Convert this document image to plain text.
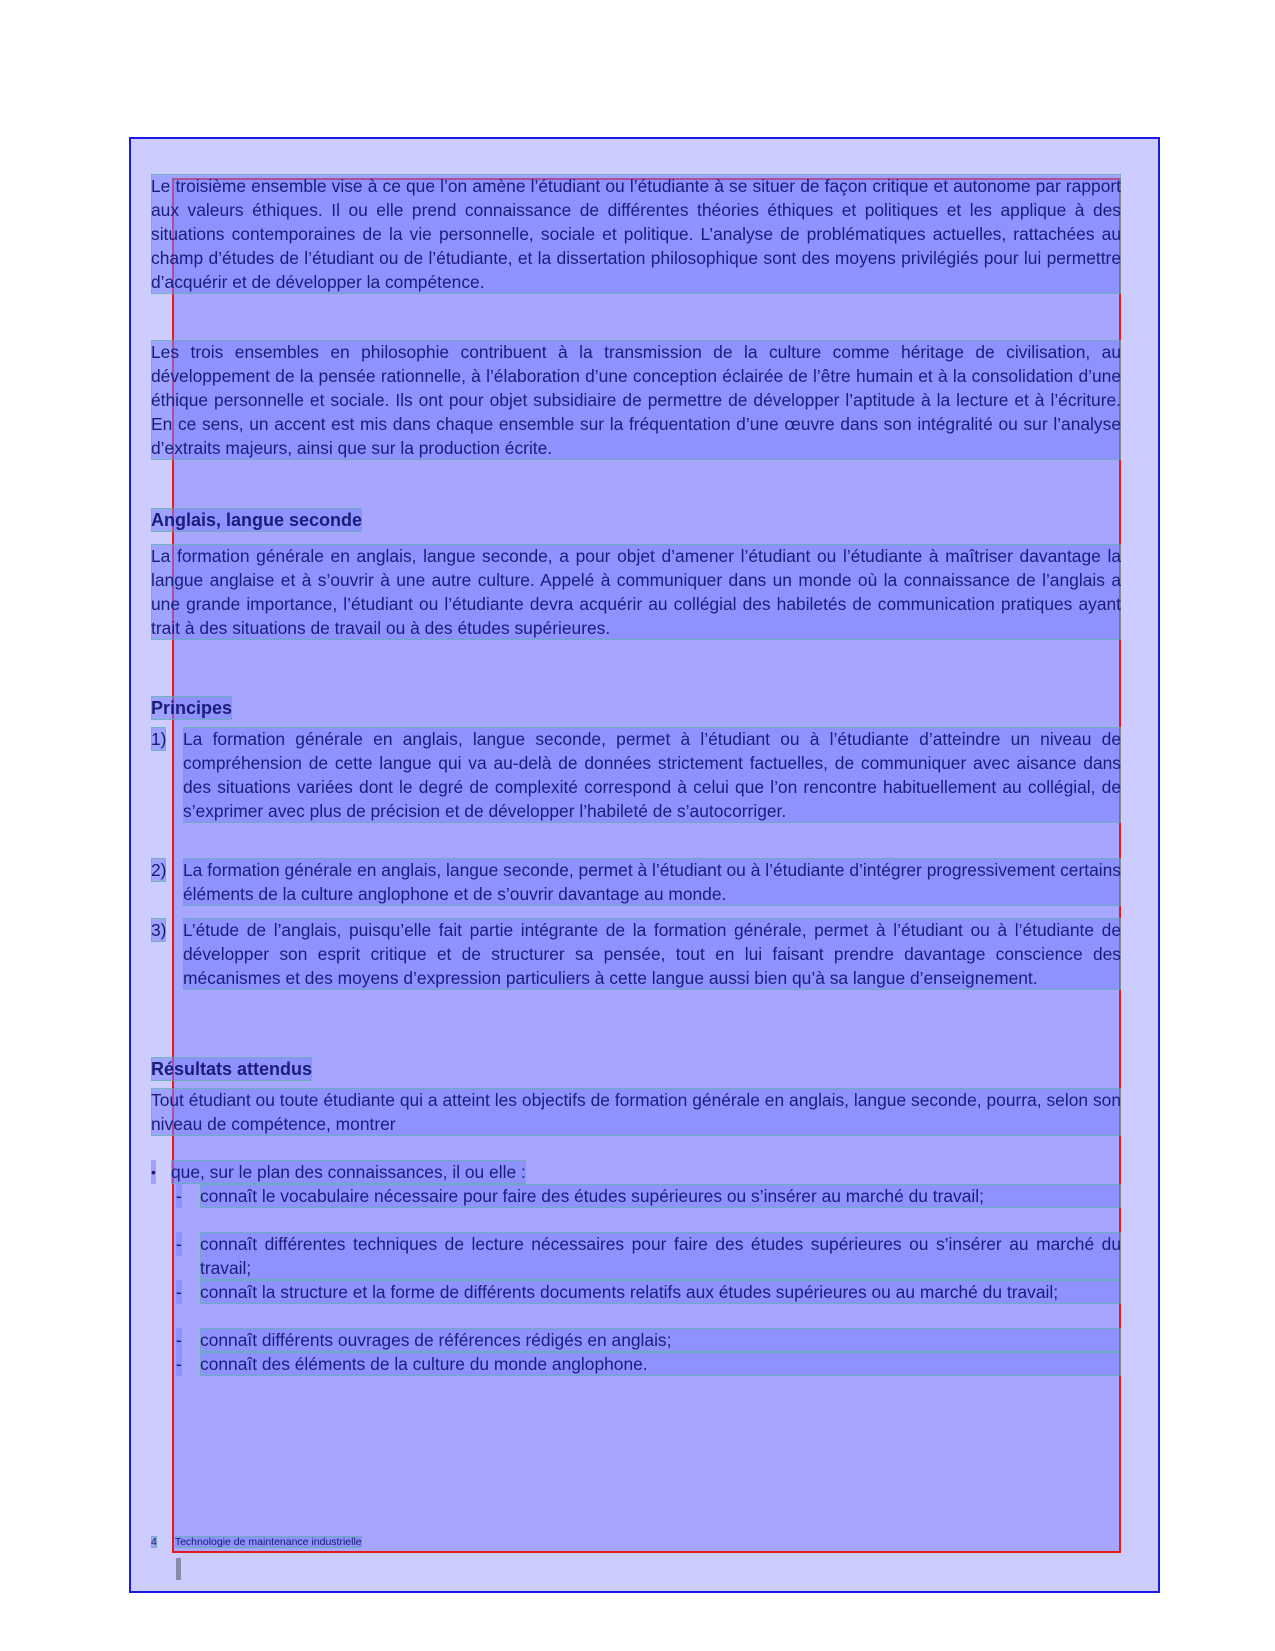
Le troisième ensemble vise à ce que l’on amène l’étudiant ou l’étudiante à se situer de façon critique et autonome par rapport aux valeurs éthiques. Il ou elle prend connaissance de différentes théories éthiques et politiques et les applique à des situations contemporaines de la vie personnelle, sociale et politique. L’analyse de problématiques actuelles, rattachées au champ d’études de l’étudiant ou de l’étudiante, et la dissertation philosophique sont des moyens privilégiés pour lui permettre d’acquérir et de développer la compétence.

Les trois ensembles en philosophie contribuent à la transmission de la culture comme héritage de civilisation, au développement de la pensée rationnelle, à l’élaboration d’une conception éclairée de l’être humain et à la consolidation d’une éthique personnelle et sociale. Ils ont pour objet subsidiaire de permettre de développer l’aptitude à la lecture et à l’écriture. En ce sens, un accent est mis dans chaque ensemble sur la fréquentation d’une œuvre dans son intégralité ou sur l’analyse d’extraits majeurs, ainsi que sur la production écrite.

Anglais, langue seconde

La formation générale en anglais, langue seconde, a pour objet d’amener l’étudiant ou l’étudiante à maîtriser davantage la langue anglaise et à s’ouvrir à une autre culture. Appelé à communiquer dans un monde où la connaissance de l’anglais a une grande importance, l’étudiant ou l’étudiante devra acquérir au collégial des habiletés de communication pratiques ayant trait à des situations de travail ou à des études supérieures.

Principes
1) La formation générale en anglais, langue seconde, permet à l’étudiant ou à l’étudiante d’atteindre un niveau de compréhension de cette langue qui va au-delà de données strictement factuelles, de communiquer avec aisance dans des situations variées dont le degré de complexité correspond à celui que l’on rencontre habituellement au collégial, de s’exprimer avec plus de précision et de développer l’habileté de s’autocorriger.

2) La formation générale en anglais, langue seconde, permet à l’étudiant ou à l’étudiante d’intégrer progressivement certains éléments de la culture anglophone et de s’ouvrir davantage au monde.

3) L’étude de l’anglais, puisqu’elle fait partie intégrante de la formation générale, permet à l’étudiant ou à l’étudiante de développer son esprit critique et de structurer sa pensée, tout en lui faisant prendre davantage conscience des mécanismes et des moyens d’expression particuliers à cette langue aussi bien qu’à sa langue d’enseignement.

Résultats attendus

Tout étudiant ou toute étudiante qui a atteint les objectifs de formation générale en anglais, langue seconde, pourra, selon son niveau de compétence, montrer

• que, sur le plan des connaissances, il ou elle :

- connaît le vocabulaire nécessaire pour faire des études supérieures ou s’insérer au marché du travail;

- connaît différentes techniques de lecture nécessaires pour faire des études supérieures ou s’insérer au marché du travail;

- connaît la structure et la forme de différents documents relatifs aux études supérieures ou au marché du travail;

- connaît différents ouvrages de références rédigés en anglais;

- connaît des éléments de la culture du monde anglophone.

4 Technologie de maintenance industrielle
